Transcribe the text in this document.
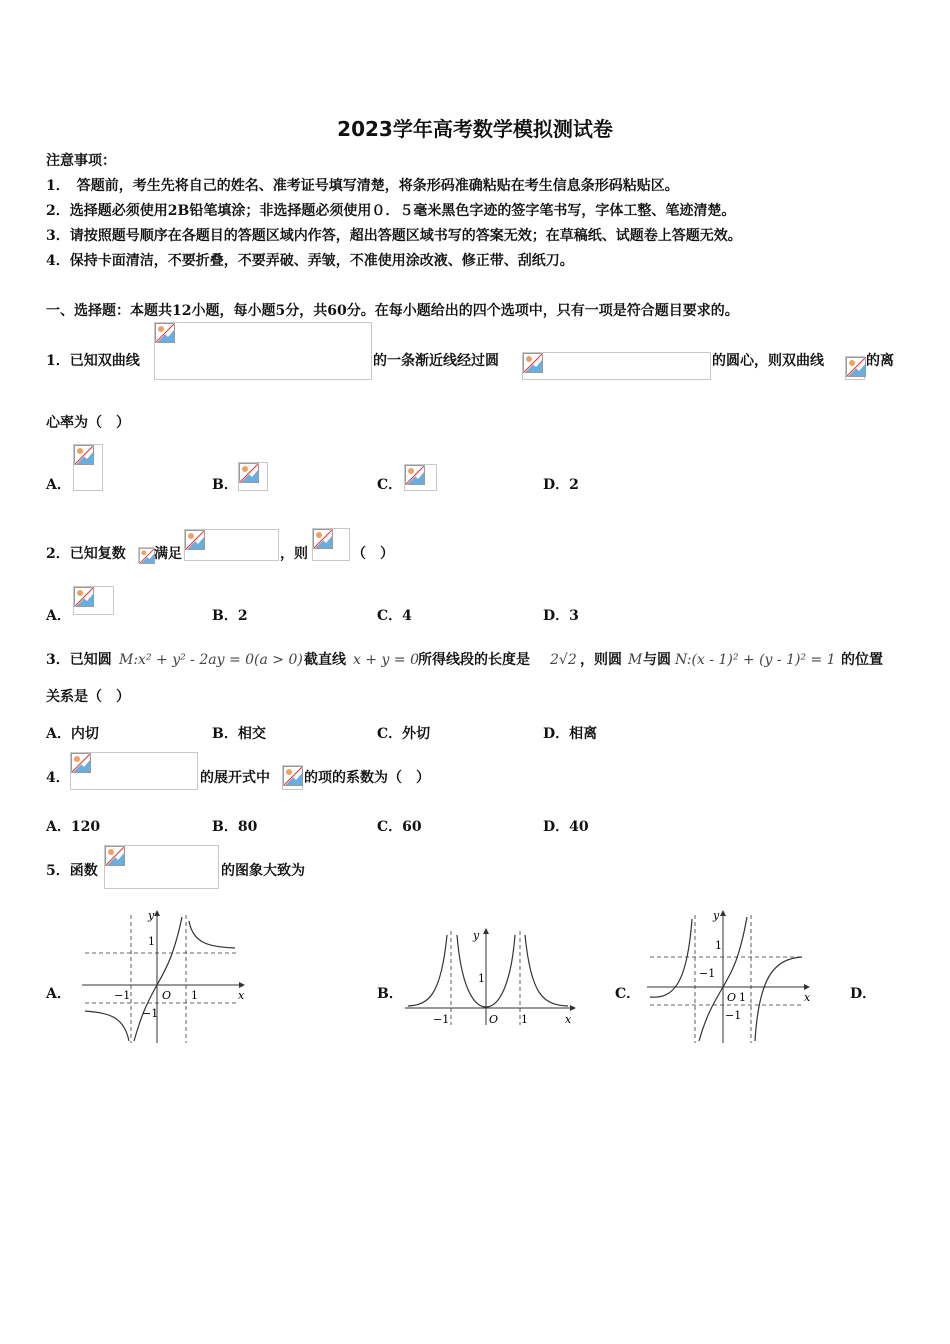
2023学年高考数学模拟测试卷
注意事项：
1．　答题前，考生先将自己的姓名、准考证号填写清楚，将条形码准确粘贴在考生信息条形码粘贴区。
2．选择题必须使用2B铅笔填涂；非选择题必须使用０．５毫米黑色字迹的签字笔书写，字体工整、笔迹清楚。
3．请按照题号顺序在各题目的答题区域内作答，超出答题区域书写的答案无效；在草稿纸、试题卷上答题无效。
4．保持卡面清洁，不要折叠，不要弄破、弄皱，不准使用涂改液、修正带、刮纸刀。
一、选择题：本题共12小题，每小题5分，共60分。在每小题给出的四个选项中，只有一项是符合题目要求的。
1．已知双曲线	的一条渐近线经过圆	的圆心，则双曲线	的离
心率为（　）
A．	B．	C．	D．2
2．已知复数 满足	，则	（　）
A．	B．2	C．4	D．3
3．已知圆 M:x² + y² - 2ay = 0(a > 0) 截直线 x + y = 0 所得线段的长度是 2√2 ，则圆 M 与圆 N:(x - 1)² + (y - 1)² = 1 的位置
关系是（　）
A．内切	B．相交	C．外切	D．相离
4．	的展开式中 的项的系数为（　）
A．120	B．80	C．60	D．40
5．函数	的图象大致为
A．	B．	C．	D．
y
x
O
1
1
−1
−1
y
x
O
1
1
−1
y
x
O
1
1
−1
−1
